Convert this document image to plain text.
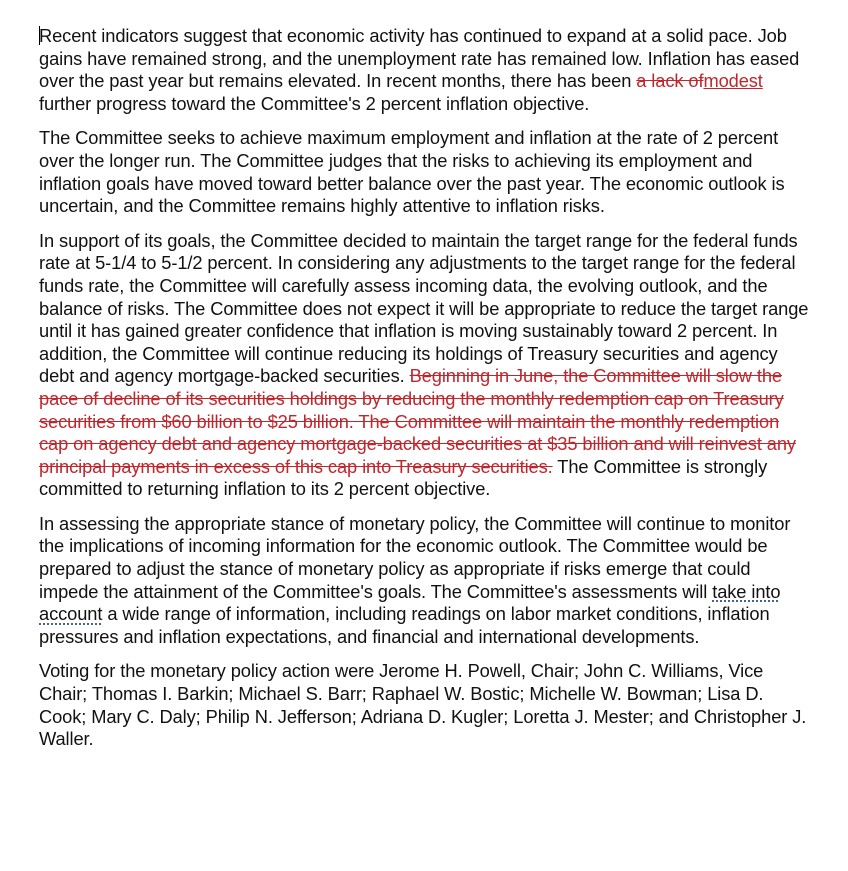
Recent indicators suggest that economic activity has continued to expand at a solid pace. Job gains have remained strong, and the unemployment rate has remained low. Inflation has eased over the past year but remains elevated. In recent months, there has been a lack ofmodest further progress toward the Committee's 2 percent inflation objective.

The Committee seeks to achieve maximum employment and inflation at the rate of 2 percent over the longer run. The Committee judges that the risks to achieving its employment and inflation goals have moved toward better balance over the past year. The economic outlook is uncertain, and the Committee remains highly attentive to inflation risks.

In support of its goals, the Committee decided to maintain the target range for the federal funds rate at 5-1/4 to 5-1/2 percent. In considering any adjustments to the target range for the federal funds rate, the Committee will carefully assess incoming data, the evolving outlook, and the balance of risks. The Committee does not expect it will be appropriate to reduce the target range until it has gained greater confidence that inflation is moving sustainably toward 2 percent. In addition, the Committee will continue reducing its holdings of Treasury securities and agency debt and agency mortgage-backed securities. Beginning in June, the Committee will slow the pace of decline of its securities holdings by reducing the monthly redemption cap on Treasury securities from $60 billion to $25 billion. The Committee will maintain the monthly redemption cap on agency debt and agency mortgage-backed securities at $35 billion and will reinvest any principal payments in excess of this cap into Treasury securities. The Committee is strongly committed to returning inflation to its 2 percent objective.

In assessing the appropriate stance of monetary policy, the Committee will continue to monitor the implications of incoming information for the economic outlook. The Committee would be prepared to adjust the stance of monetary policy as appropriate if risks emerge that could impede the attainment of the Committee's goals. The Committee's assessments will take into account a wide range of information, including readings on labor market conditions, inflation pressures and inflation expectations, and financial and international developments.

Voting for the monetary policy action were Jerome H. Powell, Chair; John C. Williams, Vice Chair; Thomas I. Barkin; Michael S. Barr; Raphael W. Bostic; Michelle W. Bowman; Lisa D. Cook; Mary C. Daly; Philip N. Jefferson; Adriana D. Kugler; Loretta J. Mester; and Christopher J. Waller.
